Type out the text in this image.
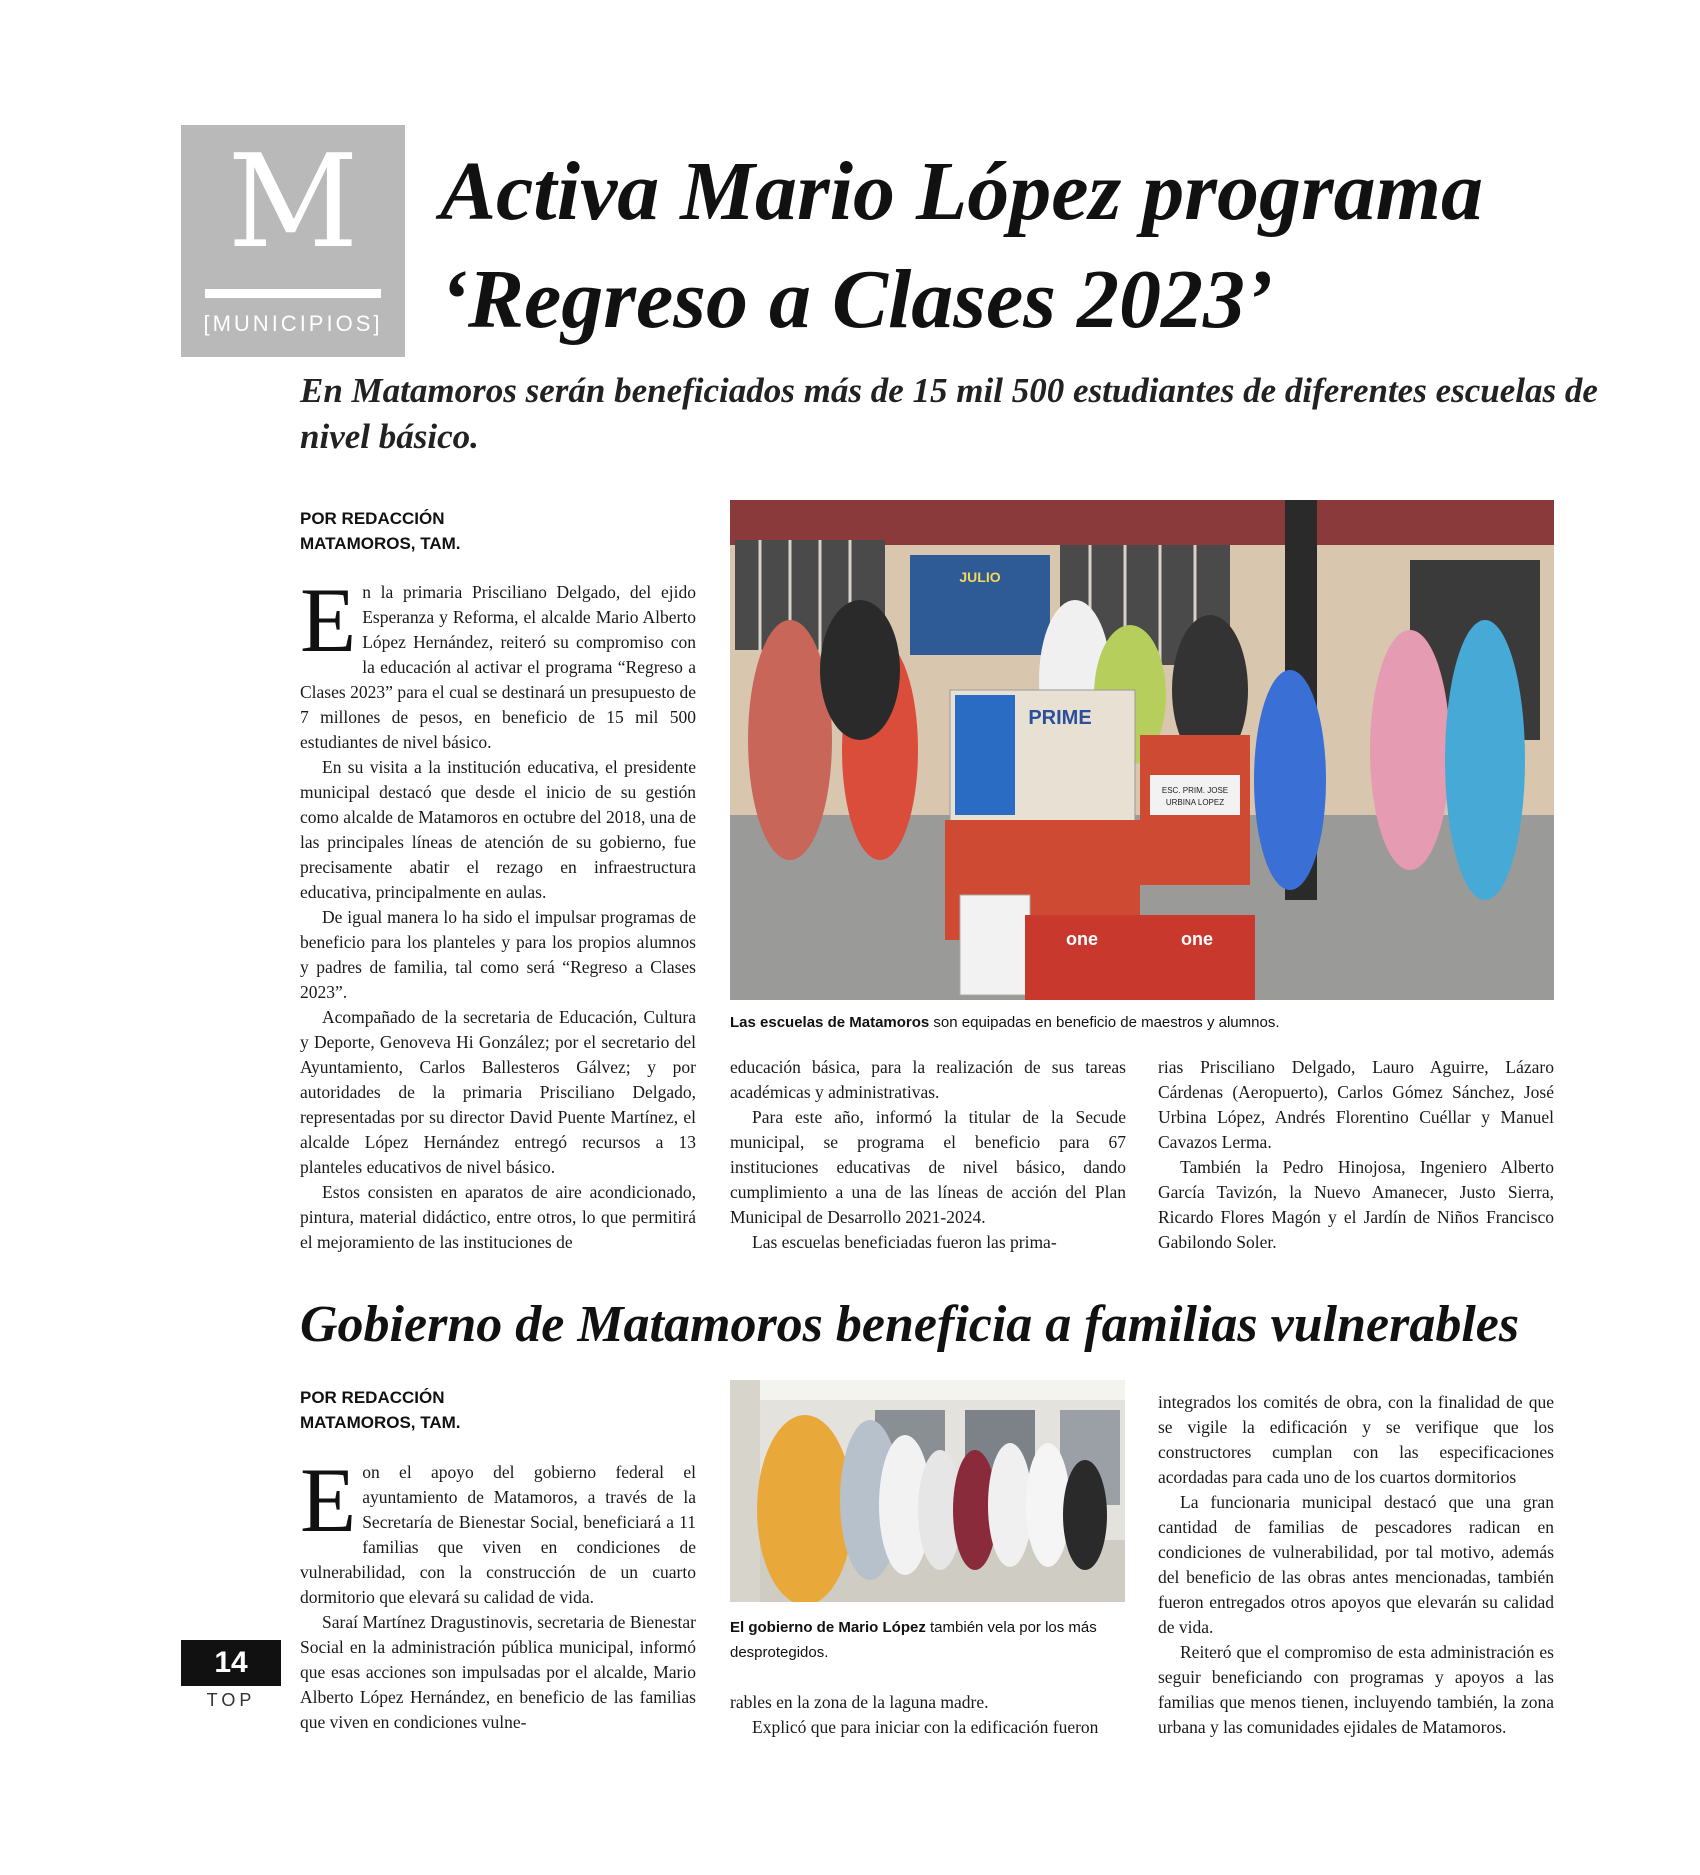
M
[MUNICIPIOS]
Activa Mario López programa
‘Regreso a Clases 2023’
En Matamoros serán beneficiados más de 15 mil 500 estudiantes de diferentes escuelas de nivel básico.
POR REDACCIÓN
MATAMOROS, TAM.

En la primaria Prisciliano Delgado, del ejido Esperanza y Reforma, el alcalde Mario Alberto López Hernández, reiteró su compromiso con la educación al activar el programa “Regreso a Clases 2023” para el cual se destinará un presupuesto de 7 millones de pesos, en beneficio de 15 mil 500 estudiantes de nivel básico.

En su visita a la institución educativa, el presidente municipal destacó que desde el inicio de su gestión como alcalde de Matamoros en octubre del 2018, una de las principales líneas de atención de su gobierno, fue precisamente abatir el rezago en infraestructura educativa, principalmente en aulas.

De igual manera lo ha sido el impulsar programas de beneficio para los planteles y para los propios alumnos y padres de familia, tal como será “Regreso a Clases 2023”.

Acompañado de la secretaria de Educación, Cultura y Deporte, Genoveva Hi González; por el secretario del Ayuntamiento, Carlos Ballesteros Gálvez; y por autoridades de la primaria Prisciliano Delgado, representadas por su director David Puente Martínez, el alcalde López Hernández entregó recursos a 13 planteles educativos de nivel básico.

Estos consisten en aparatos de aire acondicionado, pintura, material didáctico, entre otros, lo que permitirá el mejoramiento de las instituciones de

JULIO
PRIME
ESC. PRIM. JOSE
URBINA LOPEZ
one	one
Las escuelas de Matamoros son equipadas en beneficio de maestros y alumnos.

educación básica, para la realización de sus tareas académicas y administrativas.

Para este año, informó la titular de la Secude municipal, se programa el beneficio para 67 instituciones educativas de nivel básico, dando cumplimiento a una de las líneas de acción del Plan Municipal de Desarrollo 2021-2024.

Las escuelas beneficiadas fueron las prima-

rias Prisciliano Delgado, Lauro Aguirre, Lázaro Cárdenas (Aeropuerto), Carlos Gómez Sánchez, José Urbina López, Andrés Florentino Cuéllar y Manuel Cavazos Lerma.

También la Pedro Hinojosa, Ingeniero Alberto García Tavizón, la Nuevo Amanecer, Justo Sierra, Ricardo Flores Magón y el Jardín de Niños Francisco Gabilondo Soler.

Gobierno de Matamoros beneficia a familias vulnerables
POR REDACCIÓN
MATAMOROS, TAM.

Eon el apoyo del gobierno federal el ayuntamiento de Matamoros, a través de la Secretaría de Bienestar Social, beneficiará a 11 familias que viven en condiciones de vulnerabilidad, con la construcción de un cuarto dormitorio que elevará su calidad de vida.

Saraí Martínez Dragustinovis, secretaria de Bienestar Social en la administración pública municipal, informó que esas acciones son impulsadas por el alcalde, Mario Alberto López Hernández, en beneficio de las familias que viven en condiciones vulne-

El gobierno de Mario López también vela por los más desprotegidos.

rables en la zona de la laguna madre.

Explicó que para iniciar con la edificación fueron

integrados los comités de obra, con la finalidad de que se vigile la edificación y se verifique que los constructores cumplan con las especificaciones acordadas para cada uno de los cuartos dormitorios

La funcionaria municipal destacó que una gran cantidad de familias de pescadores radican en condiciones de vulnerabilidad, por tal motivo, además del beneficio de las obras antes mencionadas, también fueron entregados otros apoyos que elevarán su calidad de vida.

Reiteró que el compromiso de esta administración es seguir beneficiando con programas y apoyos a las familias que menos tienen, incluyendo también, la zona urbana y las comunidades ejidales de Matamoros.

14
TOP
